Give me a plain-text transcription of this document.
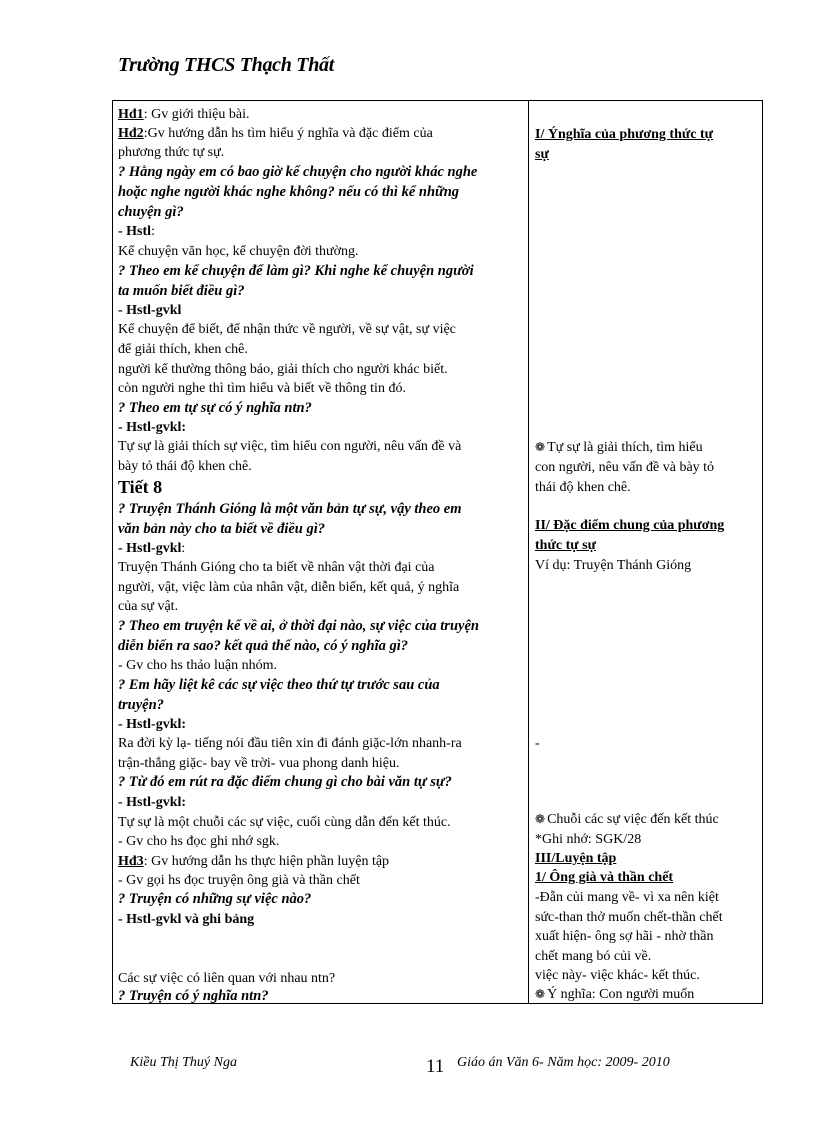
Trường THCS Thạch Thất
Hđ1: Gv giới thiệu bài.
Hđ2:Gv hướng dẫn hs tìm hiểu ý nghĩa và đặc điểm của
phương thức tự sự.
? Hằng ngày em có bao giờ kể chuyện cho người khác nghe
hoặc nghe người khác nghe không? nếu có thì kể những
chuyện gì?
- Hstl:
Kể chuyện văn học, kể chuyện đời thường.
? Theo em kể chuyện để làm gì? Khi nghe kể chuyện người
ta muốn biết điều gì?
- Hstl-gvkl
Kể chuyện để biết, để nhận thức về người, về sự vật, sự việc
để giải thích, khen chê.
người kể thường thông báo, giải thích cho người khác biết.
còn người nghe thì tìm hiểu và biết về thông tin đó.
? Theo em tự sự có ý nghĩa ntn?
- Hstl-gvkl:
Tự sự là giải thích sự việc, tìm hiểu con người, nêu vấn đề và
bày tỏ thái độ khen chê.
Tiết 8
? Truyện Thánh Gióng là một văn bản tự sự, vậy theo em
văn bản này cho ta biết về điều gì?
- Hstl-gvkl:
Truyện Thánh Gióng cho ta biết về nhân vật thời đại của
người, vật, việc làm của nhân vật, diễn biến, kết quả, ý nghĩa
của sự vật.
? Theo em truyện kể về ai, ở thời đại nào, sự việc của truyện
diễn biến ra sao? kết quả thế nào, có ý nghĩa gì?
- Gv cho hs thảo luận nhóm.
? Em hãy liệt kê các sự việc theo thứ tự trước sau của
truyện?
- Hstl-gvkl:
Ra đời kỳ lạ- tiếng nói đầu tiên xin đi đánh giặc-lớn nhanh-ra
trận-thắng giặc- bay về trời- vua phong danh hiệu.
? Từ đó em rút ra đặc điểm chung gì cho bài văn tự sự?
- Hstl-gvkl:
Tự sự là một chuỗi các sự việc, cuối cùng dẫn đến kết thúc.
- Gv cho hs đọc ghi nhớ sgk.
Hđ3: Gv hướng dẫn hs thực hiện phần luyện tập
- Gv gọi hs đọc truyện ông già và thần chết
? Truyện có những sự việc nào?
- Hstl-gvkl và ghi bảng
Các sự việc có liên quan với nhau ntn?
? Truyện có ý nghĩa ntn?
I/ Ýnghĩa của phương thức tự
sự
❁ Tự sự là giải thích, tìm hiểu
con người, nêu vấn đề và bày tỏ
thái độ khen chê.
II/ Đặc điểm chung của phương
thức tự sự
Ví dụ: Truyện Thánh Gióng
-
❁ Chuỗi các sự việc đến kết thúc
*Ghi nhớ: SGK/28
III/Luyện tập
1/ Ông già và thần chết
-Đẵn củi mang về- vì xa nên kiệt
sức-than thở muốn chết-thần chết
xuất hiện- ông sợ hãi - nhờ thần
chết mang bó củi về.
việc này- việc khác- kết thúc.
❁ Ý nghĩa: Con người muốn
Kiều Thị Thuý Nga	11 Giáo án Văn 6- Năm học: 2009- 2010
